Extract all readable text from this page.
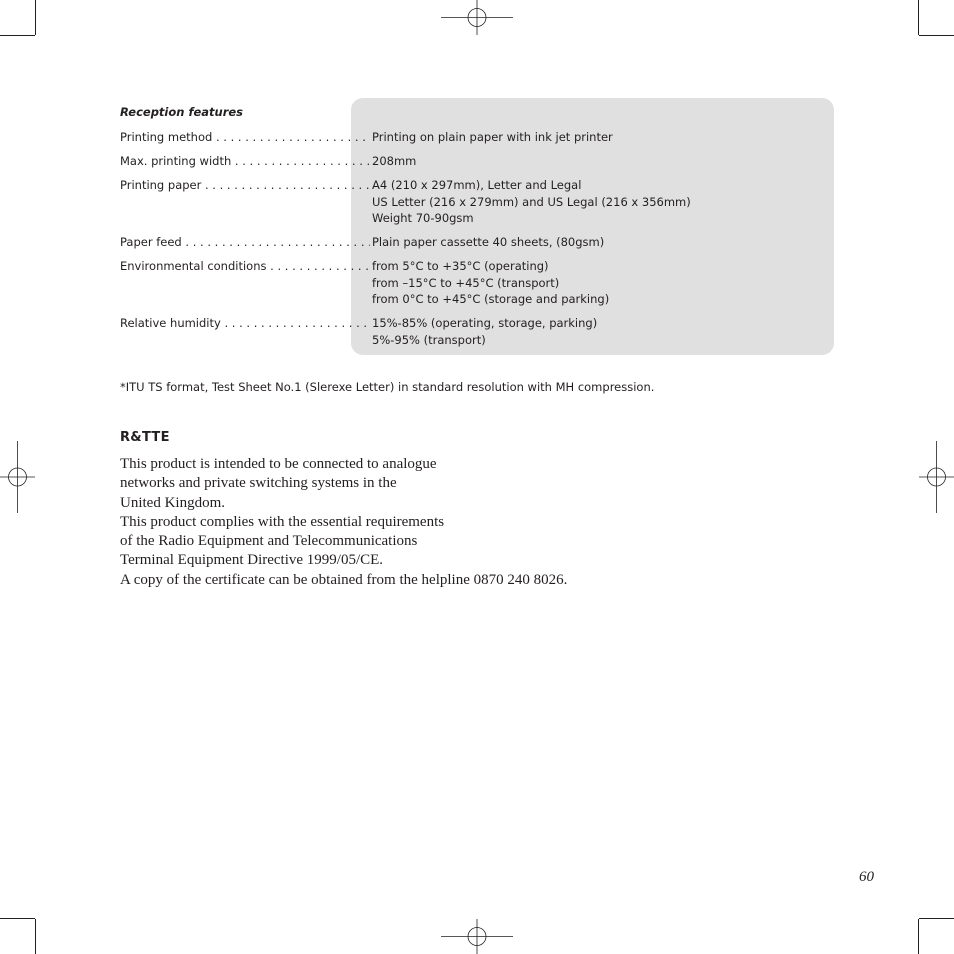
Reception features
Printing method . . .	Printing on plain paper with ink jet printer
Max. printing width . . .	208mm
Printing paper . . .	A4 (210 x 297mm), Letter and Legal
US Letter (216 x 279mm) and US Legal (216 x 356mm)
Weight 70-90gsm
Paper feed . . .	Plain paper cassette 40 sheets, (80gsm)
Environmental conditions . . .	from 5°C to +35°C (operating)
from –15°C to +45°C (transport)
from 0°C to +45°C (storage and parking)
Relative humidity . . .	15%-85% (operating, storage, parking)
5%-95% (transport)
*ITU TS format, Test Sheet No.1 (Slerexe Letter) in standard resolution with MH compression.
R&TTE
This product is intended to be connected to analogue
networks and private switching systems in the
United Kingdom.
This product complies with the essential requirements
of the Radio Equipment and Telecommunications
Terminal Equipment Directive 1999/05/CE.
A copy of the certificate can be obtained from the helpline 0870 240 8026.
60
